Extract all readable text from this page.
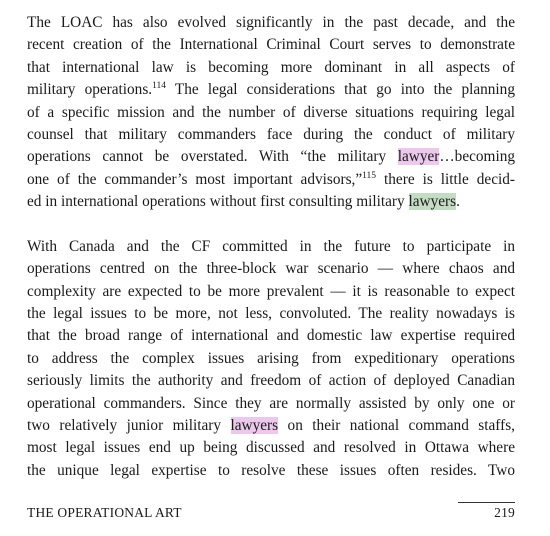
The LOAC has also evolved significantly in the past decade, and the
recent creation of the International Criminal Court serves to demonstrate
that international law is becoming more dominant in all aspects of
military operations.$^{114}$ The legal considerations that go into the planning
of a specific mission and the number of diverse situations requiring legal
counsel that military commanders face during the conduct of military
operations cannot be overstated. With “the military lawyer…becoming
one of the commander’s most important advisors,”$^{115}$ there is little decid-
ed in international operations without first consulting military lawyers.

With Canada and the CF committed in the future to participate in
operations centred on the three-block war scenario — where chaos and
complexity are expected to be more prevalent — it is reasonable to expect
the legal issues to be more, not less, convoluted. The reality nowadays is
that the broad range of international and domestic law expertise required
to address the complex issues arising from expeditionary operations
seriously limits the authority and freedom of action of deployed Canadian
operational commanders. Since they are normally assisted by only one or
two relatively junior military lawyers on their national command staffs,
most legal issues end up being discussed and resolved in Ottawa where
the unique legal expertise to resolve these issues often resides. Two

THE OPERATIONAL ART	219
